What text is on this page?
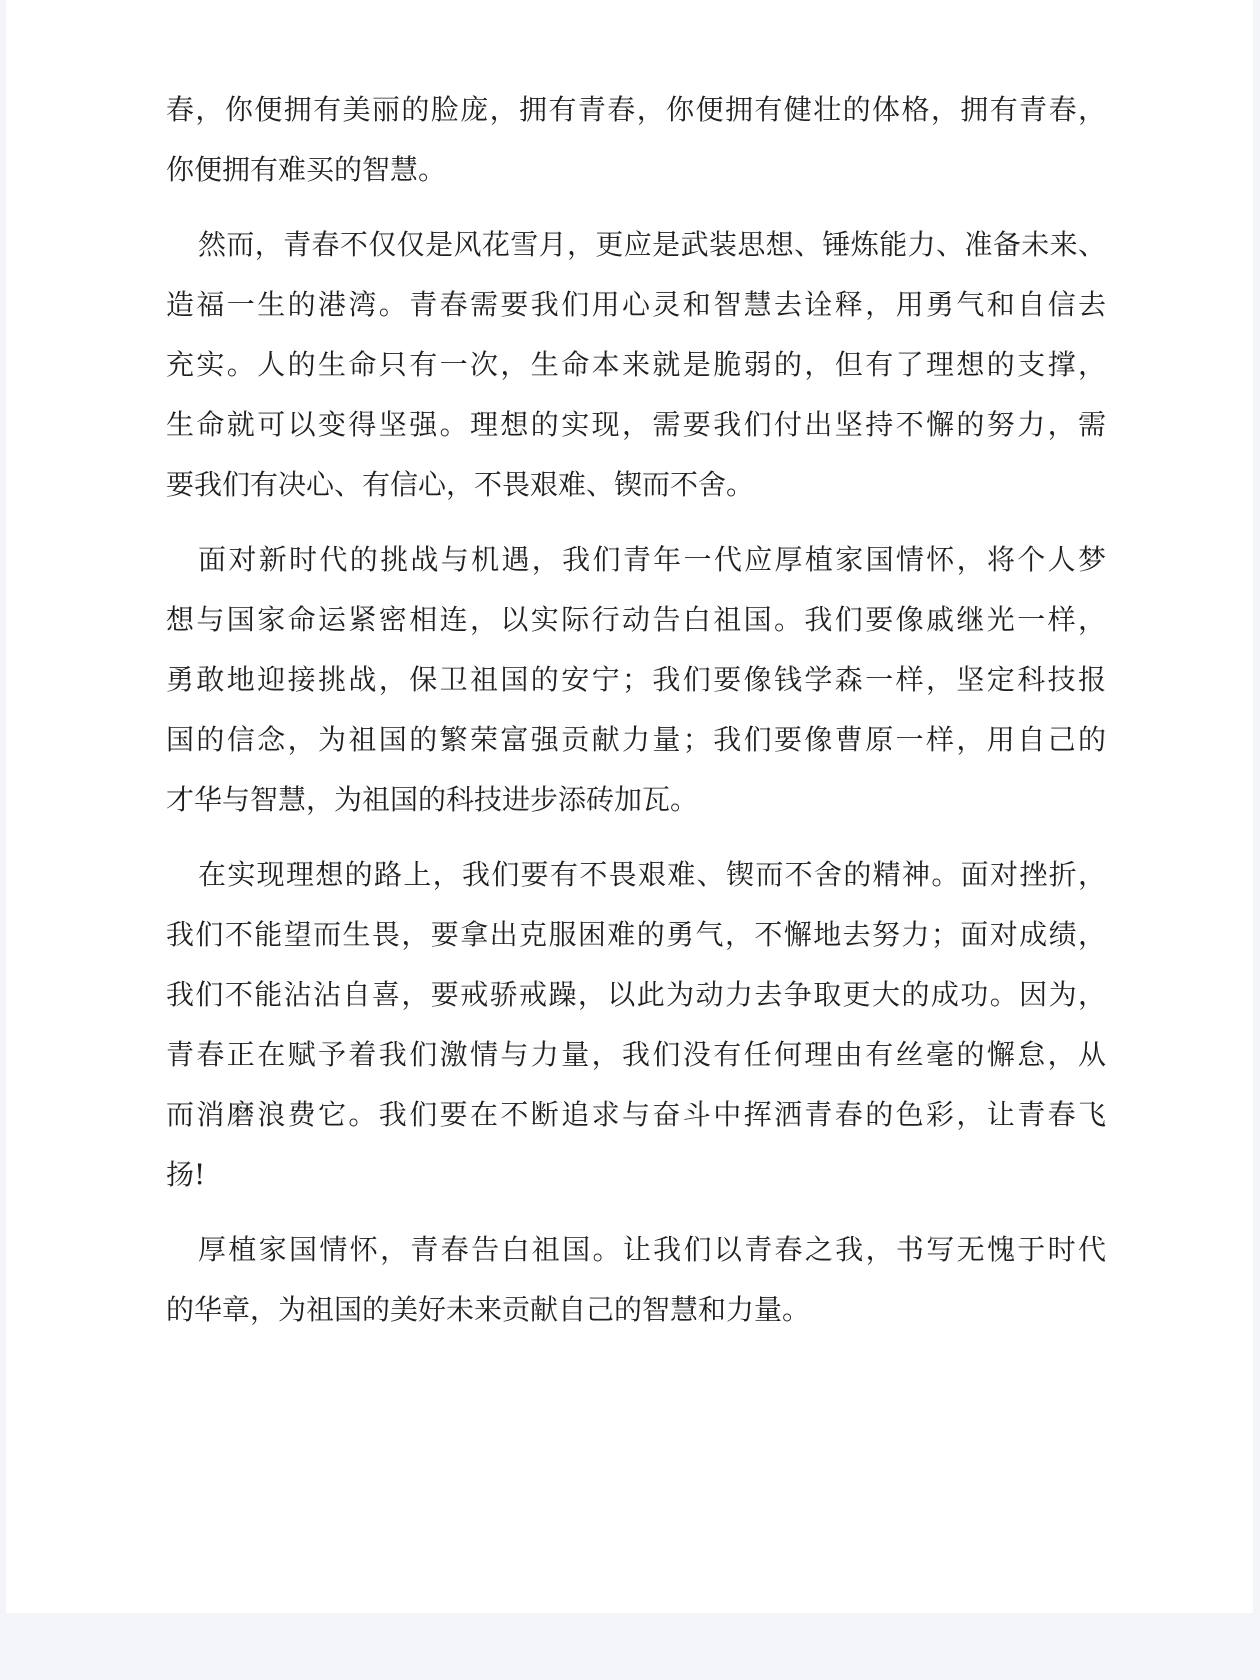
春，你便拥有美丽的脸庞，拥有青春，你便拥有健壮的体格，拥有青春，
你便拥有难买的智慧。
然而，青春不仅仅是风花雪月，更应是武装思想、锤炼能力、准备未来、
造福一生的港湾。青春需要我们用心灵和智慧去诠释，用勇气和自信去
充实。人的生命只有一次，生命本来就是脆弱的，但有了理想的支撑，
生命就可以变得坚强。理想的实现，需要我们付出坚持不懈的努力，需
要我们有决心、有信心，不畏艰难、锲而不舍。
面对新时代的挑战与机遇，我们青年一代应厚植家国情怀，将个人梦
想与国家命运紧密相连，以实际行动告白祖国。我们要像戚继光一样，
勇敢地迎接挑战，保卫祖国的安宁；我们要像钱学森一样，坚定科技报
国的信念，为祖国的繁荣富强贡献力量；我们要像曹原一样，用自己的
才华与智慧，为祖国的科技进步添砖加瓦。
在实现理想的路上，我们要有不畏艰难、锲而不舍的精神。面对挫折，
我们不能望而生畏，要拿出克服困难的勇气，不懈地去努力；面对成绩，
我们不能沾沾自喜，要戒骄戒躁，以此为动力去争取更大的成功。因为，
青春正在赋予着我们激情与力量，我们没有任何理由有丝毫的懈怠，从
而消磨浪费它。我们要在不断追求与奋斗中挥洒青春的色彩，让青春飞
扬!
厚植家国情怀，青春告白祖国。让我们以青春之我，书写无愧于时代
的华章，为祖国的美好未来贡献自己的智慧和力量。
